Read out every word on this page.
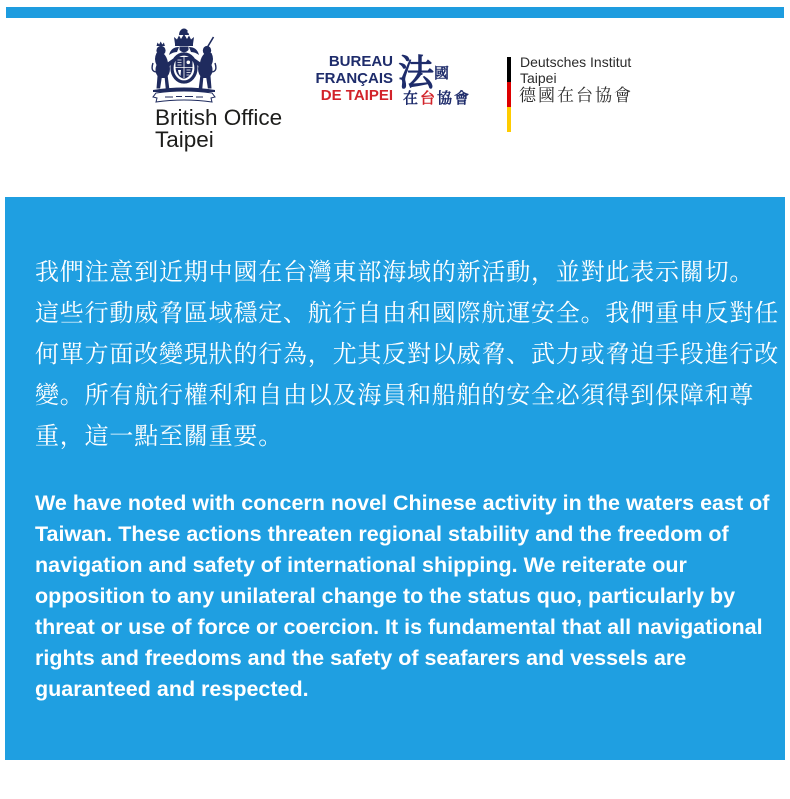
British Office
Taipei
BUREAU
FRANÇAIS
DE TAIPEI
法 國
在台協會
Deutsches Institut
Taipei
德國在台協會
我們注意到近期中國在台灣東部海域的新活動，並對此表示關切。
這些行動威脅區域穩定、航行自由和國際航運安全。我們重申反對任
何單方面改變現狀的行為，尤其反對以威脅、武力或脅迫手段進行改
變。所有航行權利和自由以及海員和船舶的安全必須得到保障和尊
重，這一點至關重要。
We have noted with concern novel Chinese activity in the waters east of
Taiwan. These actions threaten regional stability and the freedom of
navigation and safety of international shipping. We reiterate our
opposition to any unilateral change to the status quo, particularly by
threat or use of force or coercion. It is fundamental that all navigational
rights and freedoms and the safety of seafarers and vessels are
guaranteed and respected.
